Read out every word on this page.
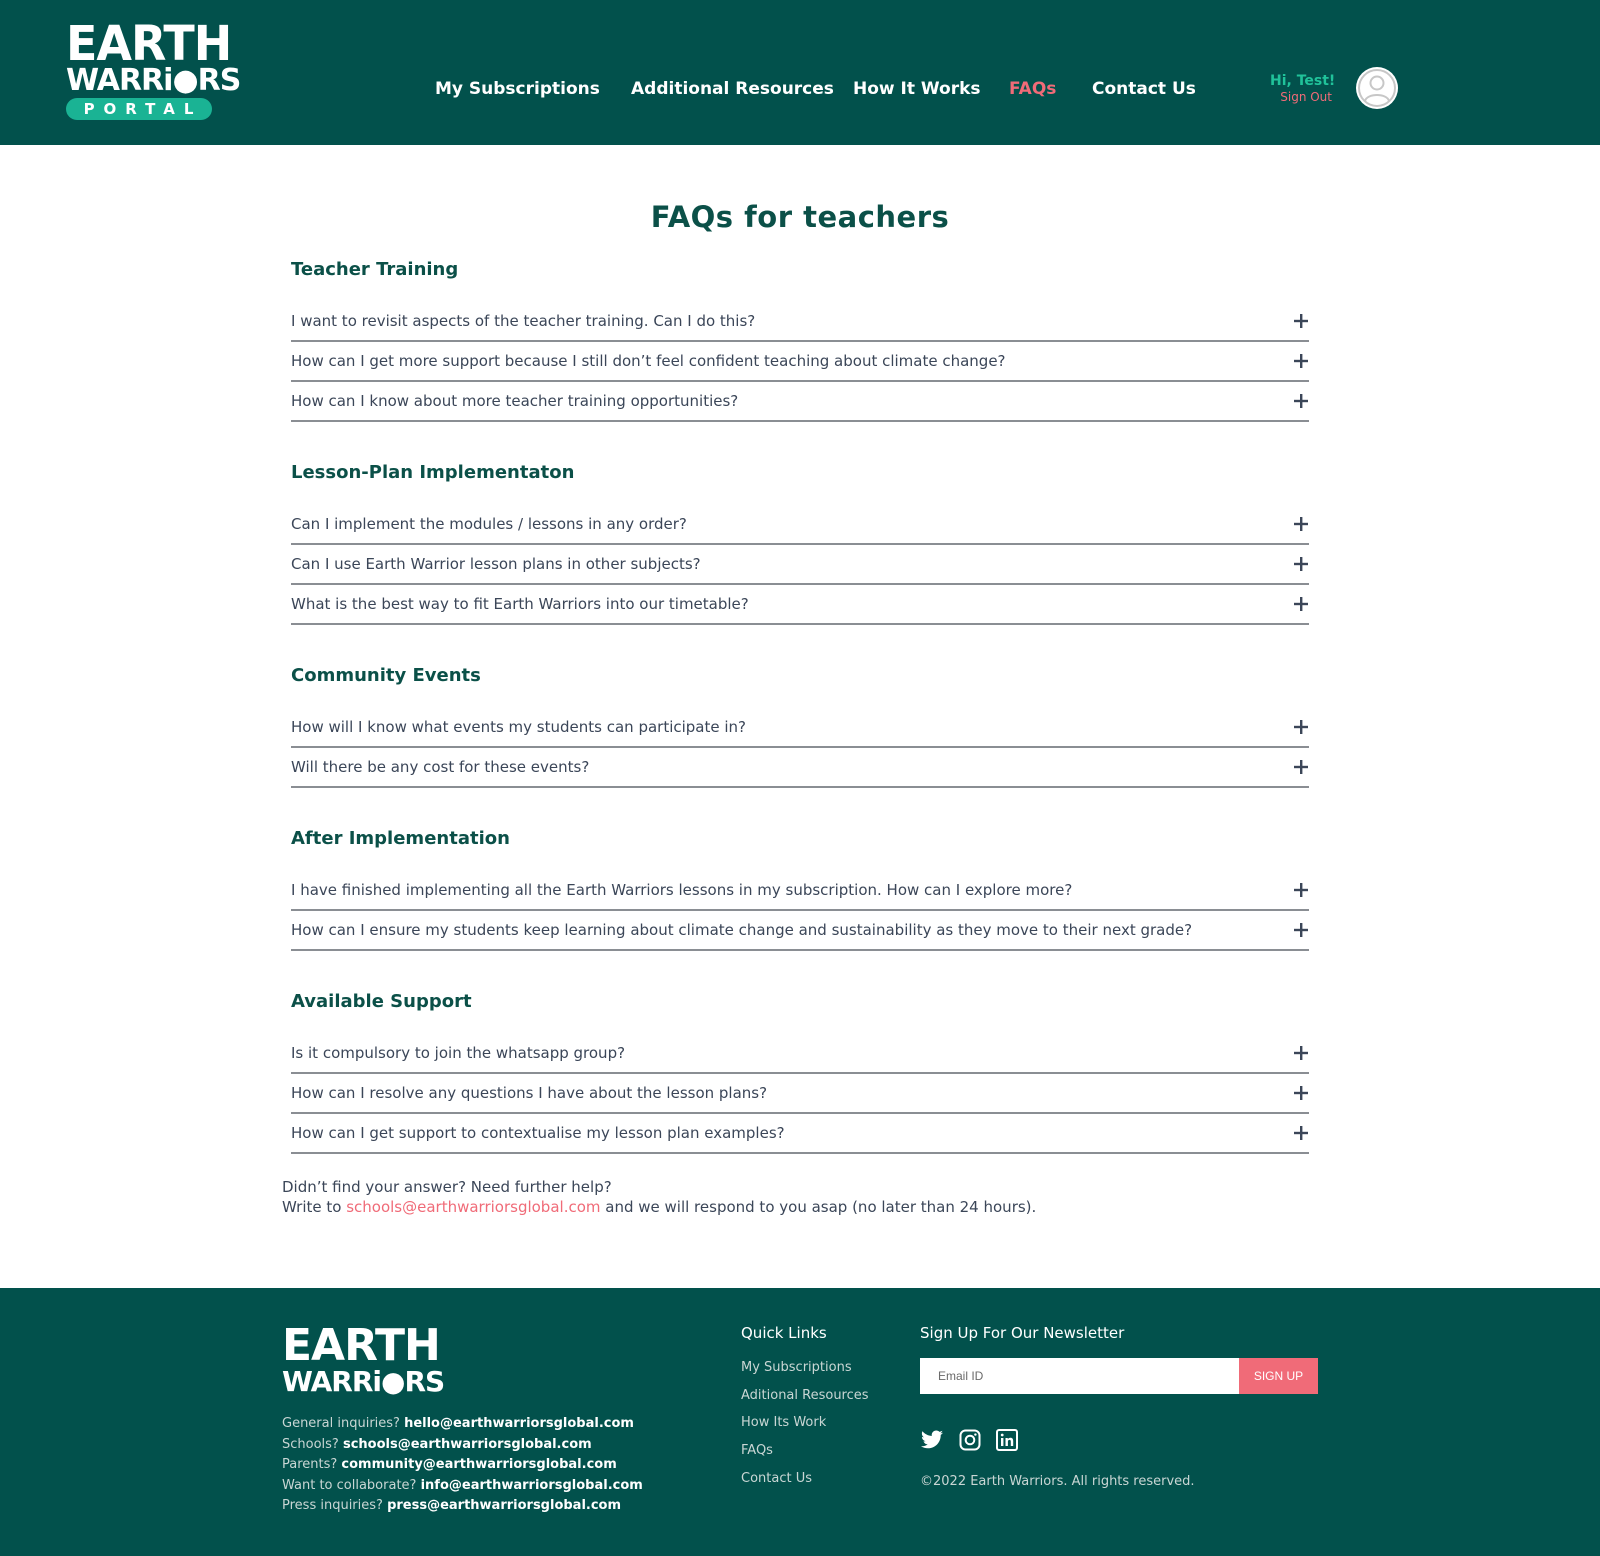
EARTH
WARRi●RS
PORTAL
My Subscriptions Additional Resources How It Works FAQs Contact Us	Hi, Test!
Sign Out
FAQs for teachers
Teacher Training
I want to revisit aspects of the teacher training. Can I do this?
How can I get more support because I still don’t feel confident teaching about climate change?
How can I know about more teacher training opportunities?
Lesson-Plan Implementaton
Can I implement the modules / lessons in any order?
Can I use Earth Warrior lesson plans in other subjects?
What is the best way to fit Earth Warriors into our timetable?
Community Events
How will I know what events my students can participate in?
Will there be any cost for these events?
After Implementation
I have finished implementing all the Earth Warriors lessons in my subscription. How can I explore more?
How can I ensure my students keep learning about climate change and sustainability as they move to their next grade?
Available Support
Is it compulsory to join the whatsapp group?
How can I resolve any questions I have about the lesson plans?
How can I get support to contextualise my lesson plan examples?
Didn’t find your answer? Need further help?
Write to schools@earthwarriorsglobal.com and we will respond to you asap (no later than 24 hours).
EARTH
WARRi●RS
General inquiries? hello@earthwarriorsglobal.com
Schools? schools@earthwarriorsglobal.com
Parents? community@earthwarriorsglobal.com
Want to collaborate? info@earthwarriorsglobal.com
Press inquiries? press@earthwarriorsglobal.com
Quick Links
My Subscriptions
Aditional Resources
How Its Work
FAQs
Contact Us
Sign Up For Our Newsletter
Email ID
SIGN UP
©2022 Earth Warriors. All rights reserved.
